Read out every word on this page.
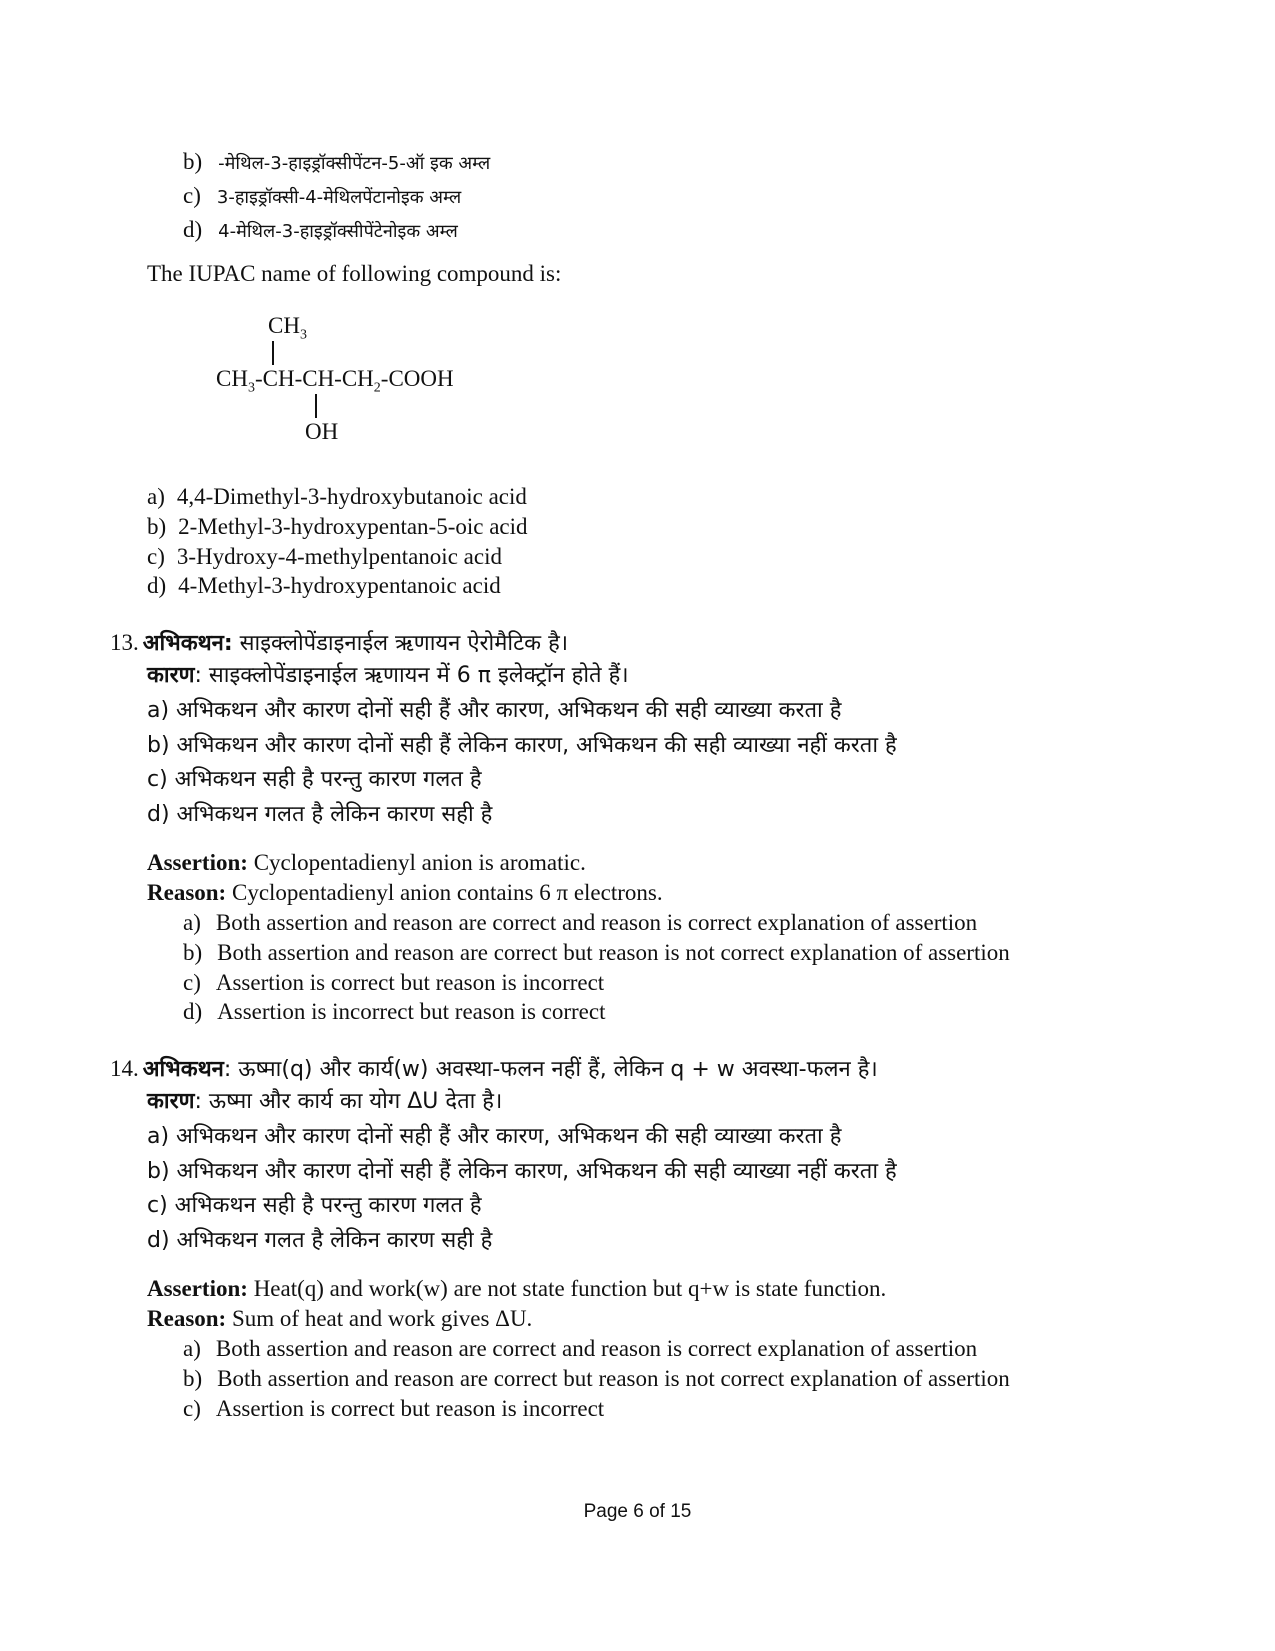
b) -मेथिल-3-हाइड्रॉक्सीपेंटन-5-ऑ इक अम्ल
c) 3-हाइड्रॉक्सी-4-मेथिलपेंटानोइक अम्ल
d) 4-मेथिल-3-हाइड्रॉक्सीपेंटेनोइक अम्ल
The IUPAC name of following compound is:
$CH_3$
$CH_3-CH-CH-CH_2$-COOH
OH
a) 4,4-Dimethyl-3-hydroxybutanoic acid
b) 2-Methyl-3-hydroxypentan-5-oic acid
c) 3-Hydroxy-4-methylpentanoic acid
d) 4-Methyl-3-hydroxypentanoic acid
13. अभिकथन: साइक्लोपेंडाइनाईल ऋणायन ऐरोमैटिक है।
कारण: साइक्लोपेंडाइनाईल ऋणायन में 6 π इलेक्ट्रॉन होते हैं।
a) अभिकथन और कारण दोनों सही हैं और कारण, अभिकथन की सही व्याख्या करता है
b) अभिकथन और कारण दोनों सही हैं लेकिन कारण, अभिकथन की सही व्याख्या नहीं करता है
c) अभिकथन सही है परन्तु कारण गलत है
d) अभिकथन गलत है लेकिन कारण सही है
Assertion: Cyclopentadienyl anion is aromatic.
Reason: Cyclopentadienyl anion contains 6 π electrons.
a) Both assertion and reason are correct and reason is correct explanation of assertion
b) Both assertion and reason are correct but reason is not correct explanation of assertion
c) Assertion is correct but reason is incorrect
d) Assertion is incorrect but reason is correct
14. अभिकथन: ऊष्मा(q) और कार्य(w) अवस्था-फलन नहीं हैं, लेकिन q + w अवस्था-फलन है।
कारण: ऊष्मा और कार्य का योग ΔU देता है।
a) अभिकथन और कारण दोनों सही हैं और कारण, अभिकथन की सही व्याख्या करता है
b) अभिकथन और कारण दोनों सही हैं लेकिन कारण, अभिकथन की सही व्याख्या नहीं करता है
c) अभिकथन सही है परन्तु कारण गलत है
d) अभिकथन गलत है लेकिन कारण सही है
Assertion: Heat(q) and work(w) are not state function but q+w is state function.
Reason: Sum of heat and work gives ΔU.
a) Both assertion and reason are correct and reason is correct explanation of assertion
b) Both assertion and reason are correct but reason is not correct explanation of assertion
c) Assertion is correct but reason is incorrect
Page 6 of 15
